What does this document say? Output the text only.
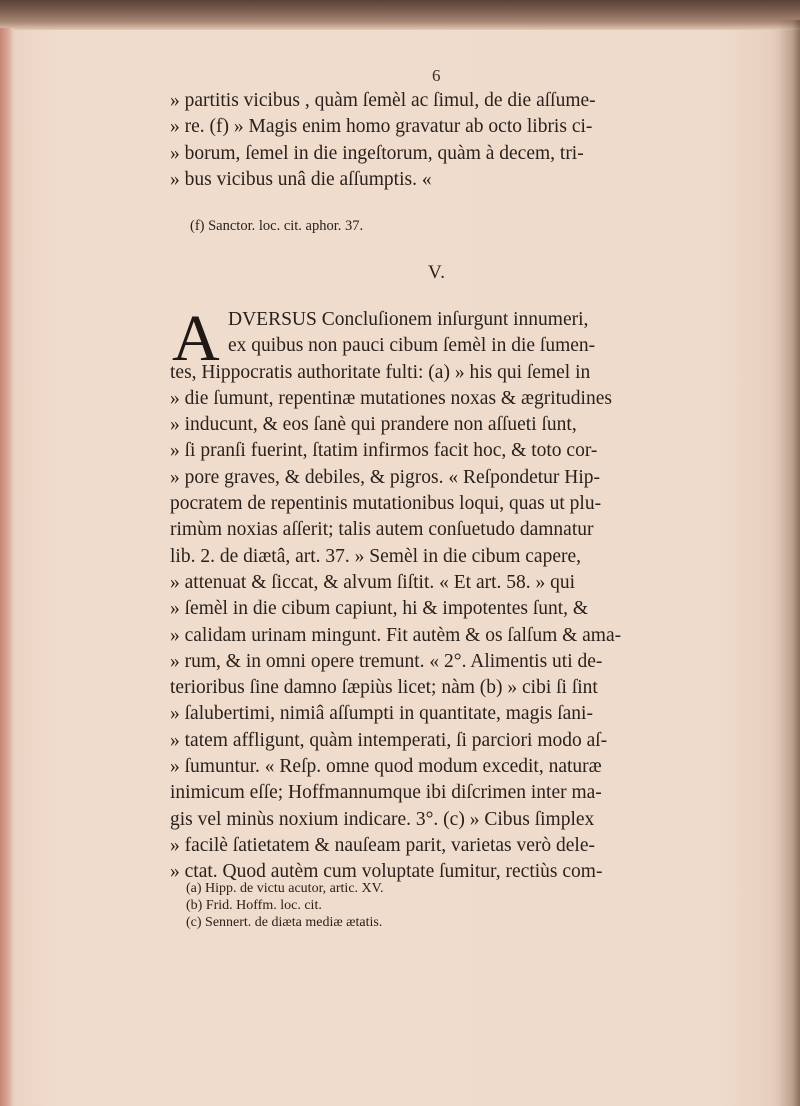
6
» partitis vicibus , quàm ſemèl ac ſimul, de die aſſume-
» re. (f) » Magis enim homo gravatur ab octo libris ci-
» borum, ſemel in die ingeſtorum, quàm à decem, tri-
» bus vicibus unâ die aſſumptis. «
(f) Sanctor. loc. cit. aphor. 37.
V.
A DVERSUS Concluſionem inſurgunt innumeri,
ex quibus non pauci cibum ſemèl in die ſumen-
tes, Hippocratis authoritate fulti: (a) » his qui ſemel in
» die ſumunt, repentinæ mutationes noxas & ægritudines
» inducunt, & eos ſanè qui prandere non aſſueti ſunt,
» ſi pranſi fuerint, ſtatim infirmos facit hoc, & toto cor-
» pore graves, & debiles, & pigros. « Reſpondetur Hip-
pocratem de repentinis mutationibus loqui, quas ut plu-
rimùm noxias aſſerit; talis autem conſuetudo damnatur
lib. 2. de diætâ, art. 37. » Semèl in die cibum capere,
» attenuat & ſiccat, & alvum ſiſtit. « Et art. 58. » qui
» ſemèl in die cibum capiunt, hi & impotentes ſunt, &
» calidam urinam mingunt. Fit autèm & os ſalſum & ama-
» rum, & in omni opere tremunt. « 2°. Alimentis uti de-
terioribus ſine damno ſæpiùs licet; nàm (b) » cibi ſi ſint
» ſalubertimi, nimiâ aſſumpti in quantitate, magis ſani-
» tatem affligunt, quàm intemperati, ſi parciori modo aſ-
» ſumuntur. « Reſp. omne quod modum excedit, naturæ
inimicum eſſe; Hoffmannumque ibi diſcrimen inter ma-
gis vel minùs noxium indicare. 3°. (c) » Cibus ſimplex
» facilè ſatietatem & nauſeam parit, varietas verò dele-
» ctat. Quod autèm cum voluptate ſumitur, rectiùs com-
(a) Hipp. de victu acutor, artic. XV.
(b) Frid. Hoffm. loc. cit.
(c) Sennert. de diæta mediæ ætatis.
